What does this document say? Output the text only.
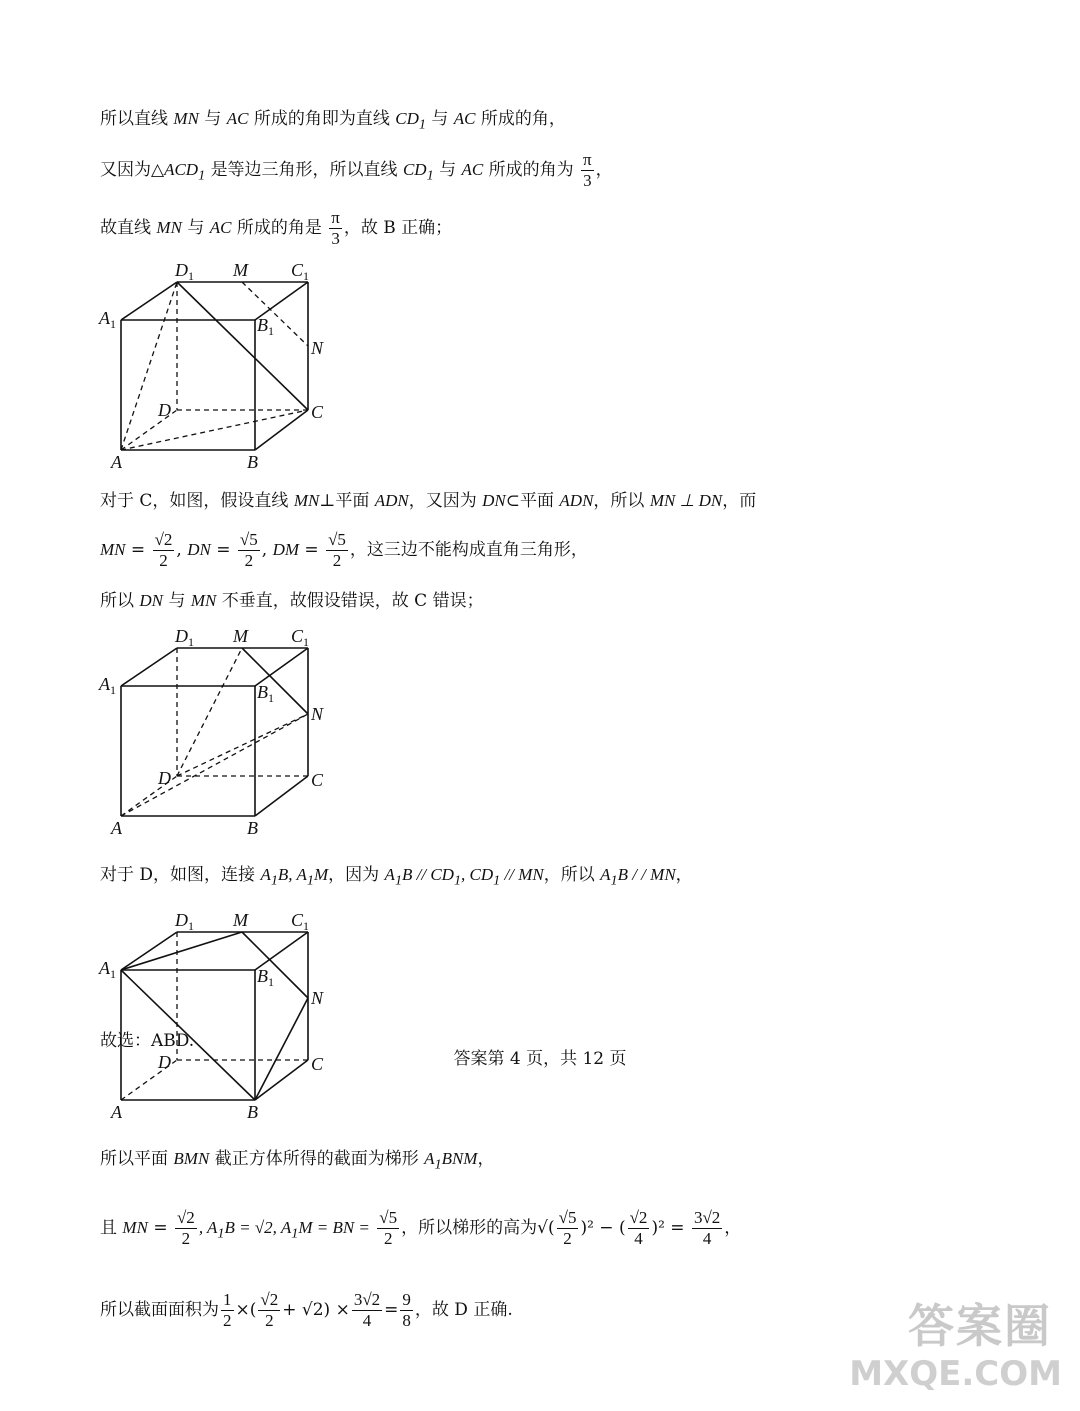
所以直线 MN 与 AC 所成的角即为直线 $CD_1$ 与 AC 所成的角，
又因为$\triangle ACD_1$ 是等边三角形，所以直线 $CD_1$ 与 AC 所成的角为 $\frac{\pi}{3}$ ，
故直线 MN 与 AC 所成的角是 $\frac{\pi}{3}$ ，故 B 正确；
$D_1$ M $C_1$
$A_1$	$B_1$
N
D	C
A	B
对于 C，如图，假设直线 MN⊥平面 ADN，又因为 DN⊂平面 ADN，所以 MN ⊥ DN，而
MN = $\frac{√2}{2}$ , DN = $\frac{√5}{2}$ , DM = $\frac{√5}{2}$ ，这三边不能构成直角三角形，
所以 DN 与 MN 不垂直，故假设错误，故 C 错误；
$D_1$ M $C_1$
$A_1$	$B_1$
N
D	C
A	B
对于 D，如图，连接 $A_1B$, $A_1M$，因为 $A_1B // CD_1$, $CD_1$ // MN，所以 $A_1B$ / / MN，
$D_1$ M $C_1$
$A_1$	$B_1$
N
D	C
A	B
所以平面 BMN 截正方体所得的截面为梯形 $A_1BNM$，
且 MN = $\frac{√2}{2}$ , $A_1B = √2$, $A_1M$ = BN = $\frac{√5}{2}$ ，所以梯形的高为√( $\frac{√5}{2} )^2$ − ( $\frac{√2}{4} )^2 = \frac{3√2}{4}$ ，
所以截面面积为 $\frac{1}{2}$ ×( $\frac{√2}{2} + √2) \times \frac{3√2}{4} = \frac{9}{8}$ ，故 D 正确.
故选：ABD.
答案第 4 页，共 12 页
答案圈
MXQE.COM
